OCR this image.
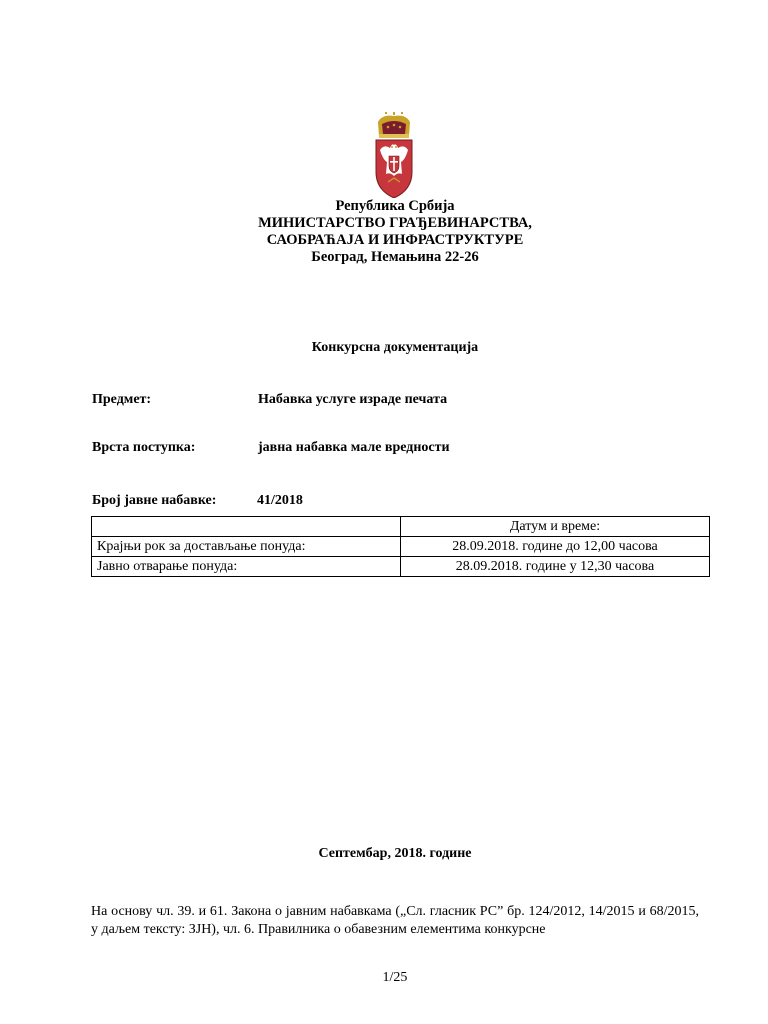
Република Србија
МИНИСТАРСТВО ГРАЂЕВИНАРСТВА,
САОБРАЋАЈА И ИНФРАСТРУКТУРЕ
Београд, Немањина 22-26
Конкурсна документација
Предмет:	Набавка услуге израде печата
Врста поступка:	јавна набавка мале вредности
Број јавне набавке:	41/2018
	Датум и време:
Крајњи рок за достављање понуда:	28.09.2018. године до 12,00 часова
Јавно отварање понуда:	28.09.2018. године у 12,30 часова
Септембар, 2018. године
На основу чл. 39. и 61. Закона о јавним набавкама („Сл. гласник РС” бр. 124/2012, 14/2015 и 68/2015, у даљем тексту: ЗЈН), чл. 6. Правилника о обавезним елементима конкурсне
1/25
